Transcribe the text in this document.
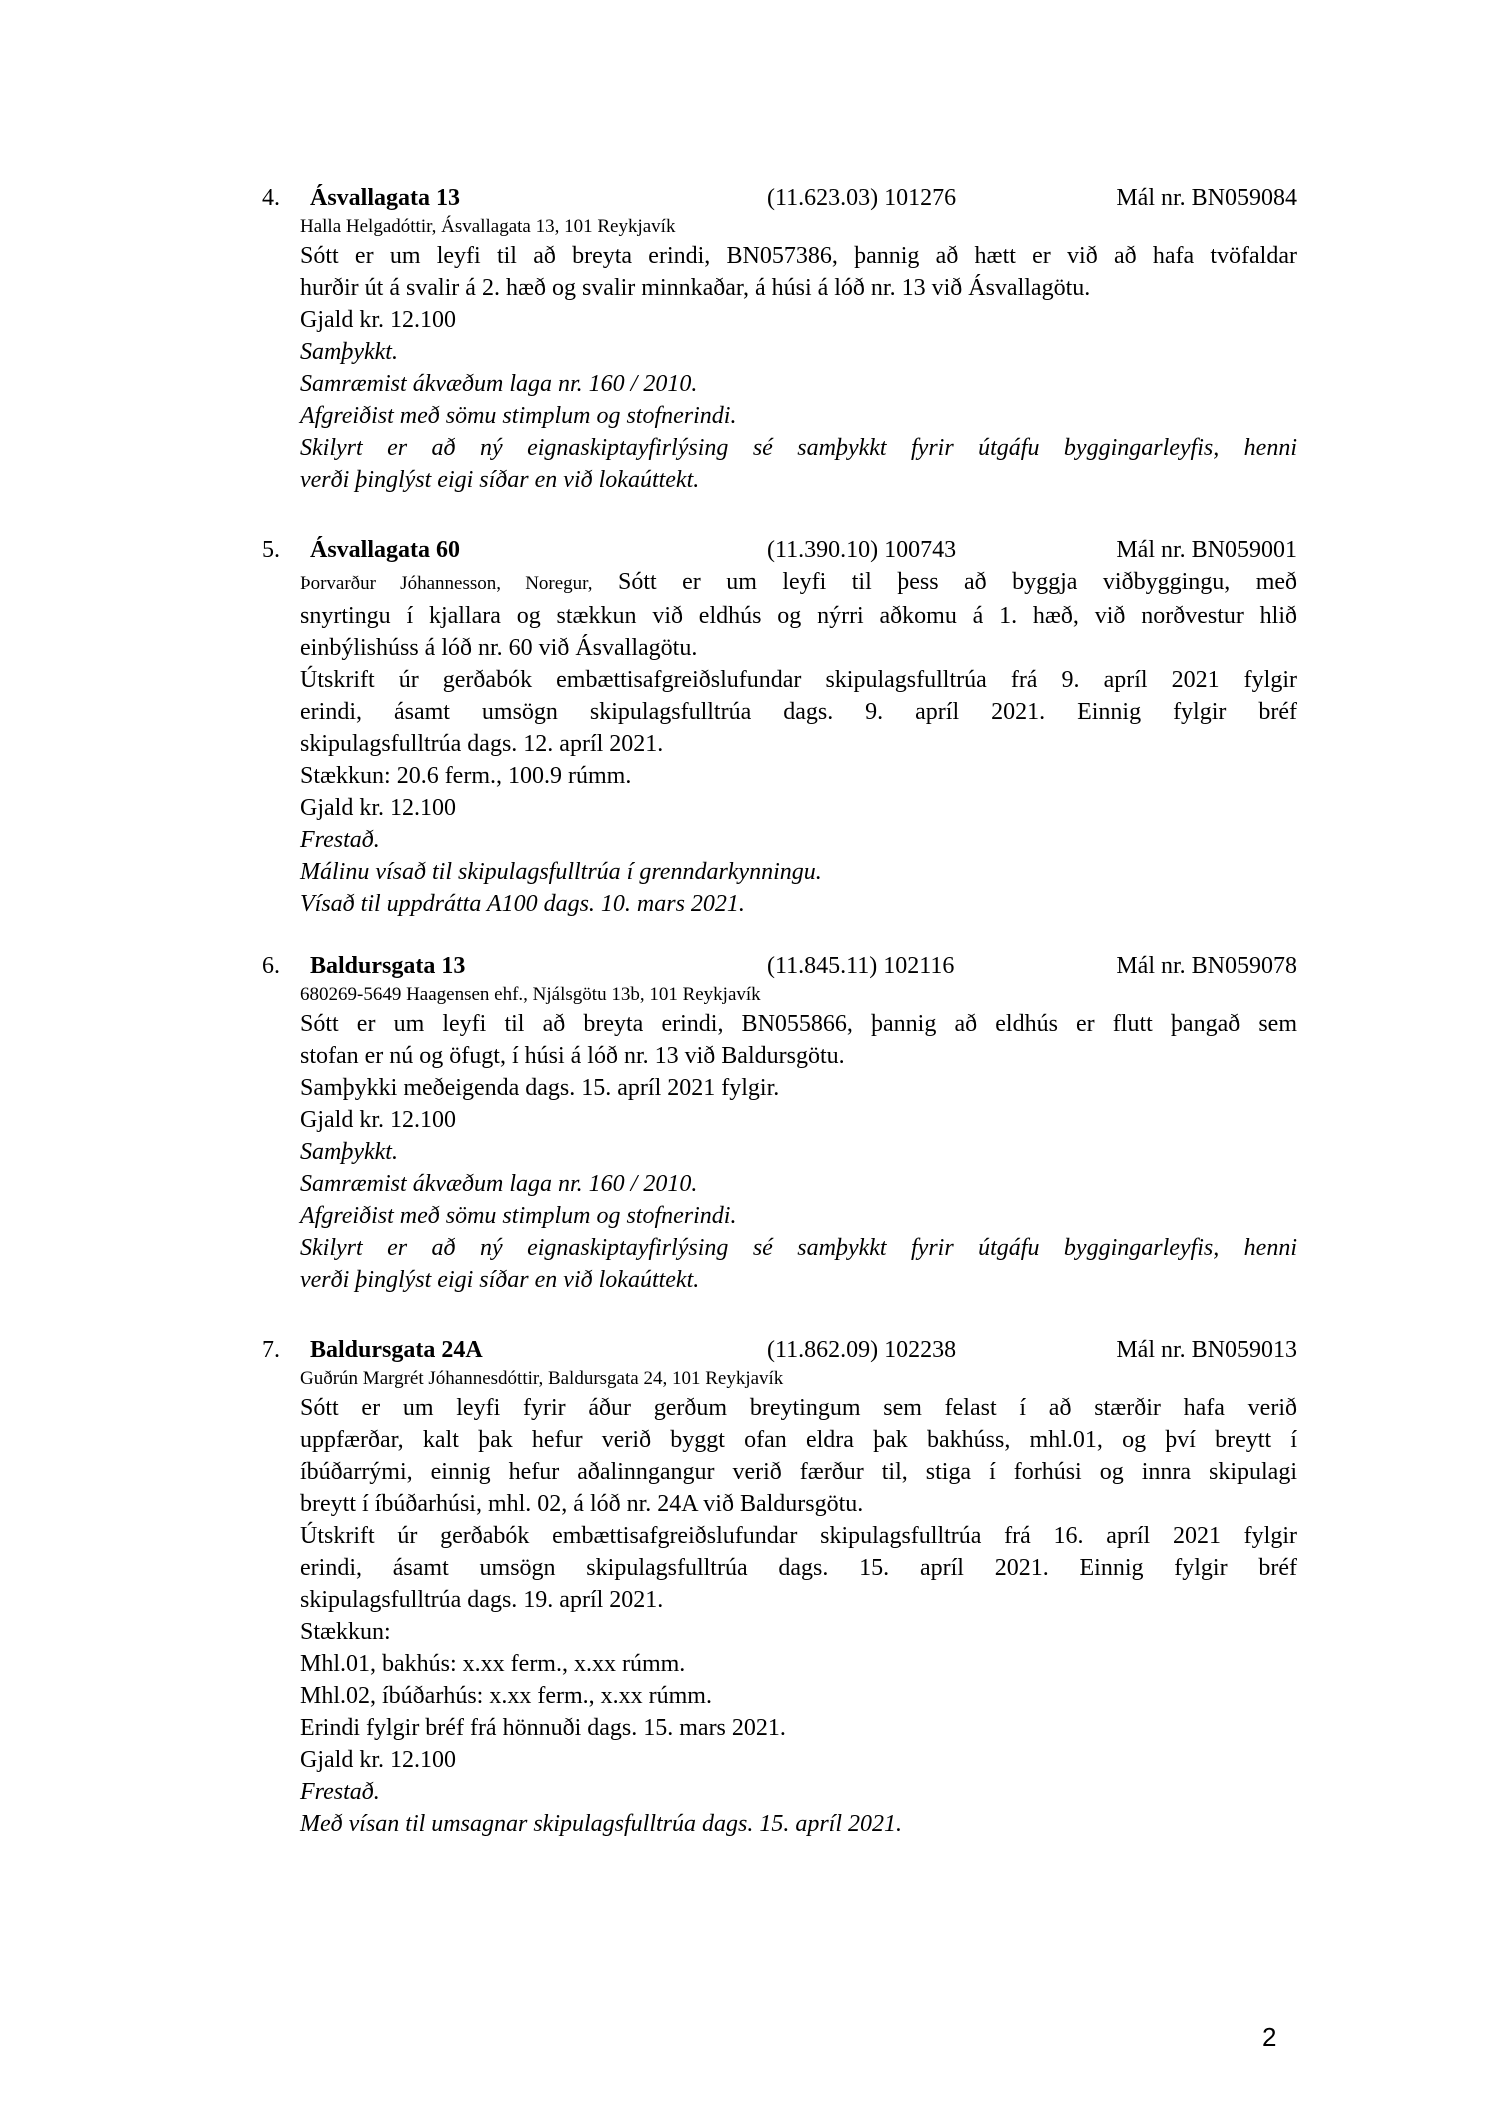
4. Ásvallagata 13	(11.623.03) 101276	Mál nr. BN059084
Halla Helgadóttir, Ásvallagata 13, 101 Reykjavík
Sótt er um leyfi til að breyta erindi, BN057386, þannig að hætt er við að hafa tvöfaldar
hurðir út á svalir á 2. hæð og svalir minnkaðar, á húsi á lóð nr. 13 við Ásvallagötu.
Gjald kr. 12.100
Samþykkt.
Samræmist ákvæðum laga nr. 160 / 2010.
Afgreiðist með sömu stimplum og stofnerindi.
Skilyrt er að ný eignaskiptayfirlýsing sé samþykkt fyrir útgáfu byggingarleyfis, henni
verði þinglýst eigi síðar en við lokaúttekt.
5. Ásvallagata 60	(11.390.10) 100743	Mál nr. BN059001
Þorvarður Jóhannesson, Noregur, Sótt er um leyfi til þess að byggja viðbyggingu, með
snyrtingu í kjallara og stækkun við eldhús og nýrri aðkomu á 1. hæð, við norðvestur hlið
einbýlishúss á lóð nr. 60 við Ásvallagötu.
Útskrift úr gerðabók embættisafgreiðslufundar skipulagsfulltrúa frá 9. apríl 2021 fylgir
erindi, ásamt umsögn skipulagsfulltrúa dags. 9. apríl 2021. Einnig fylgir bréf
skipulagsfulltrúa dags. 12. apríl 2021.
Stækkun: 20.6 ferm., 100.9 rúmm.
Gjald kr. 12.100
Frestað.
Málinu vísað til skipulagsfulltrúa í grenndarkynningu.
Vísað til uppdrátta A100 dags. 10. mars 2021.
6. Baldursgata 13	(11.845.11) 102116	Mál nr. BN059078
680269-5649 Haagensen ehf., Njálsgötu 13b, 101 Reykjavík
Sótt er um leyfi til að breyta erindi, BN055866, þannig að eldhús er flutt þangað sem
stofan er nú og öfugt, í húsi á lóð nr. 13 við Baldursgötu.
Samþykki meðeigenda dags. 15. apríl 2021 fylgir.
Gjald kr. 12.100
Samþykkt.
Samræmist ákvæðum laga nr. 160 / 2010.
Afgreiðist með sömu stimplum og stofnerindi.
Skilyrt er að ný eignaskiptayfirlýsing sé samþykkt fyrir útgáfu byggingarleyfis, henni
verði þinglýst eigi síðar en við lokaúttekt.
7. Baldursgata 24A	(11.862.09) 102238	Mál nr. BN059013
Guðrún Margrét Jóhannesdóttir, Baldursgata 24, 101 Reykjavík
Sótt er um leyfi fyrir áður gerðum breytingum sem felast í að stærðir hafa verið
uppfærðar, kalt þak hefur verið byggt ofan eldra þak bakhúss, mhl.01, og því breytt í
íbúðarrými, einnig hefur aðalinngangur verið færður til, stiga í forhúsi og innra skipulagi
breytt í íbúðarhúsi, mhl. 02, á lóð nr. 24A við Baldursgötu.
Útskrift úr gerðabók embættisafgreiðslufundar skipulagsfulltrúa frá 16. apríl 2021 fylgir
erindi, ásamt umsögn skipulagsfulltrúa dags. 15. apríl 2021. Einnig fylgir bréf
skipulagsfulltrúa dags. 19. apríl 2021.
Stækkun:
Mhl.01, bakhús: x.xx ferm., x.xx rúmm.
Mhl.02, íbúðarhús: x.xx ferm., x.xx rúmm.
Erindi fylgir bréf frá hönnuði dags. 15. mars 2021.
Gjald kr. 12.100
Frestað.
Með vísan til umsagnar skipulagsfulltrúa dags. 15. apríl 2021.
2
